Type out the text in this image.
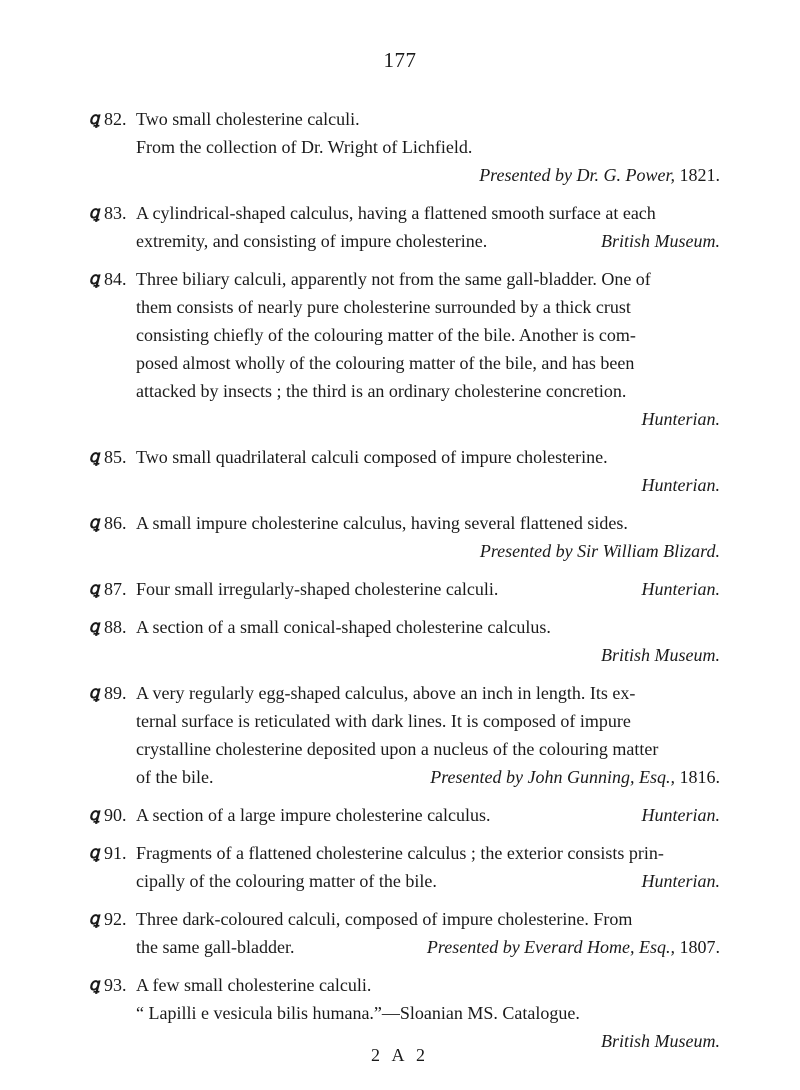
177
ꝗ 82. Two small cholesterine calculi.
From the collection of Dr. Wright of Lichfield.
Presented by Dr. G. Power, 1821.
ꝗ 83. A cylindrical-shaped calculus, having a flattened smooth surface at each
extremity, and consisting of impure cholesterine.	British Museum.
ꝗ 84. Three biliary calculi, apparently not from the same gall-bladder. One of
them consists of nearly pure cholesterine surrounded by a thick crust
consisting chiefly of the colouring matter of the bile. Another is com-
posed almost wholly of the colouring matter of the bile, and has been
attacked by insects ; the third is an ordinary cholesterine concretion.
Hunterian.
ꝗ 85. Two small quadrilateral calculi composed of impure cholesterine.
Hunterian.
ꝗ 86. A small impure cholesterine calculus, having several flattened sides.
Presented by Sir William Blizard.
ꝗ 87. Four small irregularly-shaped cholesterine calculi.	Hunterian.
ꝗ 88. A section of a small conical-shaped cholesterine calculus.
British Museum.
ꝗ 89. A very regularly egg-shaped calculus, above an inch in length. Its ex-
ternal surface is reticulated with dark lines. It is composed of impure
crystalline cholesterine deposited upon a nucleus of the colouring matter
of the bile.	Presented by John Gunning, Esq., 1816.
ꝗ 90. A section of a large impure cholesterine calculus.	Hunterian.
ꝗ 91. Fragments of a flattened cholesterine calculus ; the exterior consists prin-
cipally of the colouring matter of the bile.	Hunterian.
ꝗ 92. Three dark-coloured calculi, composed of impure cholesterine. From
the same gall-bladder.	Presented by Everard Home, Esq., 1807.
ꝗ 93. A few small cholesterine calculi.
“ Lapilli e vesicula bilis humana.”—Sloanian MS. Catalogue.
British Museum.
2 A 2
